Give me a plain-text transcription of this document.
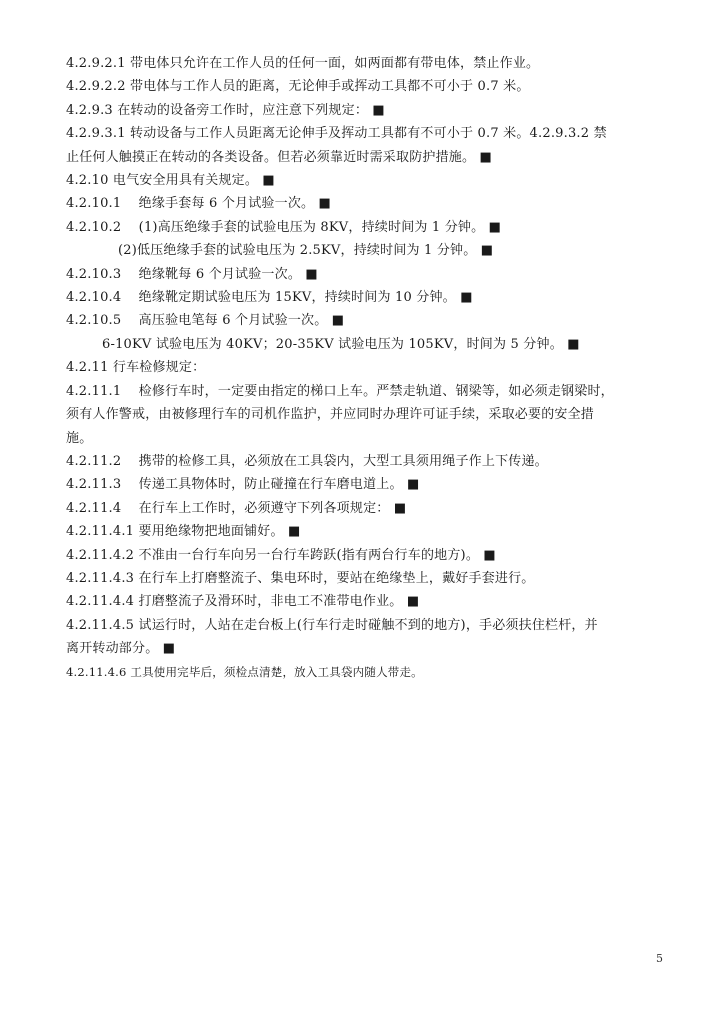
4.2.9.2.1 带电体只允许在工作人员的任何一面，如两面都有带电体，禁止作业。
4.2.9.2.2 带电体与工作人员的距离，无论伸手或挥动工具都不可小于 0.7 米。
4.2.9.3 在转动的设备旁工作时，应注意下列规定： ■
4.2.9.3.1 转动设备与工作人员距离无论伸手及挥动工具都有不可小于 0.7 米。4.2.9.3.2 禁
止任何人触摸正在转动的各类设备。但若必须靠近时需采取防护措施。 ■
4.2.10 电气安全用具有关规定。 ■
4.2.10.1    绝缘手套每 6 个月试验一次。 ■
4.2.10.2    (1)高压绝缘手套的试验电压为 8KV，持续时间为 1 分钟。 ■
(2)低压绝缘手套的试验电压为 2.5KV，持续时间为 1 分钟。 ■
4.2.10.3    绝缘靴每 6 个月试验一次。 ■
4.2.10.4    绝缘靴定期试验电压为 15KV，持续时间为 10 分钟。 ■
4.2.10.5    高压验电笔每 6 个月试验一次。 ■
6-10KV 试验电压为 40KV；20-35KV 试验电压为 105KV，时间为 5 分钟。 ■
4.2.11 行车检修规定：
4.2.11.1    检修行车时，一定要由指定的梯口上车。严禁走轨道、钢梁等，如必须走钢梁时，
须有人作警戒，由被修理行车的司机作监护，并应同时办理许可证手续，采取必要的安全措
施。
4.2.11.2    携带的检修工具，必须放在工具袋内，大型工具须用绳子作上下传递。
4.2.11.3    传递工具物体时，防止碰撞在行车磨电道上。 ■
4.2.11.4    在行车上工作时，必须遵守下列各项规定： ■
4.2.11.4.1 要用绝缘物把地面铺好。 ■
4.2.11.4.2 不准由一台行车向另一台行车跨跃(指有两台行车的地方)。 ■
4.2.11.4.3 在行车上打磨整流子、集电环时，要站在绝缘垫上，戴好手套进行。
4.2.11.4.4 打磨整流子及滑环时，非电工不准带电作业。 ■
4.2.11.4.5 试运行时，人站在走台板上(行车行走时碰触不到的地方)，手必须扶住栏杆，并
离开转动部分。 ■
4.2.11.4.6 工具使用完毕后，须检点清楚，放入工具袋内随人带走。
5
